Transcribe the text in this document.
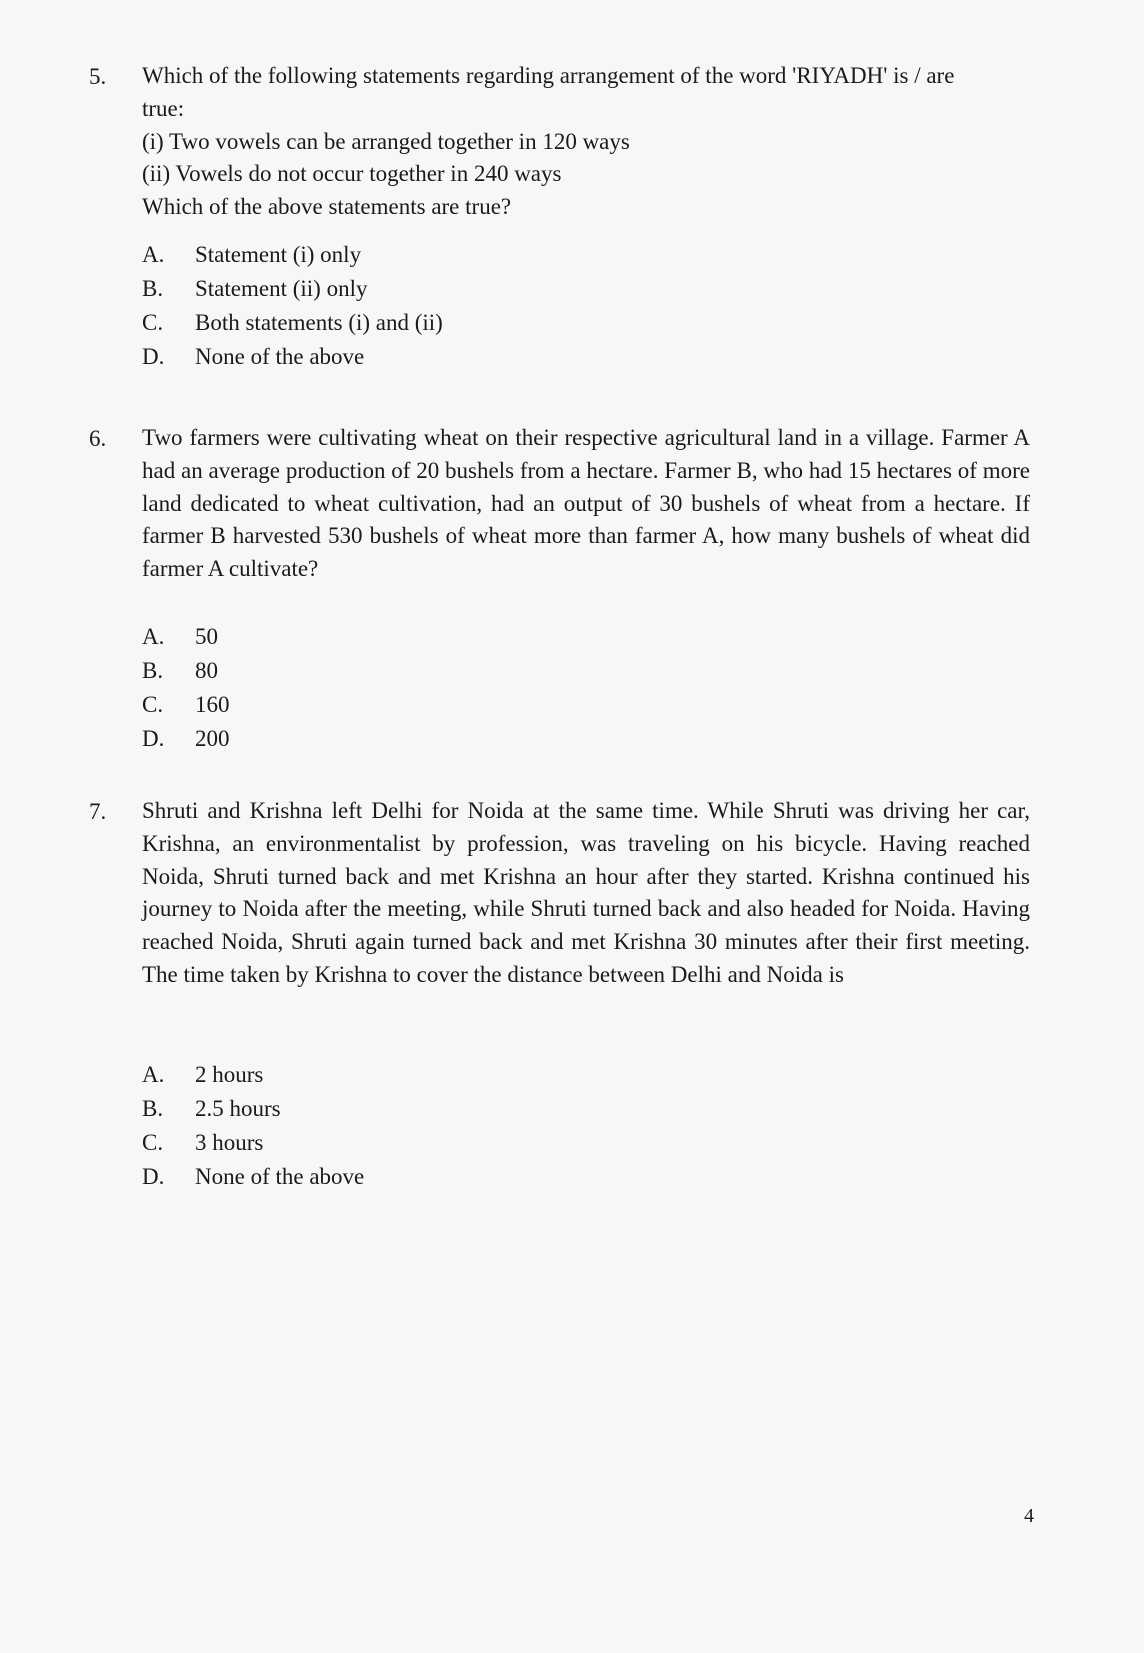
5. Which of the following statements regarding arrangement of the word 'RIYADH' is / are
true:
(i) Two vowels can be arranged together in 120 ways
(ii) Vowels do not occur together in 240 ways
Which of the above statements are true?
A.	Statement (i) only
B.	Statement (ii) only
C.	Both statements (i) and (ii)
D.	None of the above
6. Two farmers were cultivating wheat on their respective agricultural land in a village. Farmer A had an average production of 20 bushels from a hectare. Farmer B, who had 15 hectares of more land dedicated to wheat cultivation, had an output of 30 bushels of wheat from a hectare. If farmer B harvested 530 bushels of wheat more than farmer A, how many bushels of wheat did farmer A cultivate?
A.	50
B.	80
C.	160
D.	200
7. Shruti and Krishna left Delhi for Noida at the same time. While Shruti was driving her car, Krishna, an environmentalist by profession, was traveling on his bicycle. Having reached Noida, Shruti turned back and met Krishna an hour after they started. Krishna continued his journey to Noida after the meeting, while Shruti turned back and also headed for Noida. Having reached Noida, Shruti again turned back and met Krishna 30 minutes after their first meeting. The time taken by Krishna to cover the distance between Delhi and Noida is
A.	2 hours
B.	2.5 hours
C.	3 hours
D.	None of the above
4
